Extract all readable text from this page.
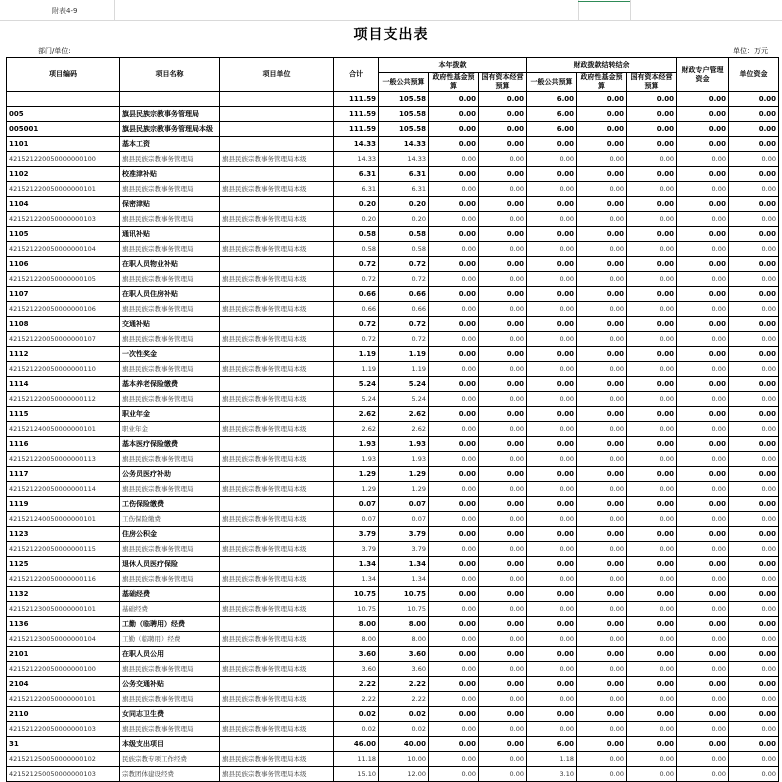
附表4-9
项目支出表
部门/单位:	单位：万元
项目编码	项目名称	项目单位	合计	本年拨款			财政拨款结转结余			财政专户管理资金	单位资金
				一般公共预算	政府性基金预算	国有资本经营预算	一般公共预算	政府性基金预算	国有资本经营预算		
			111.59	105.58	0.00	0.00	6.00	0.00	0.00	0.00	0.00
005	旗县民族宗教事务管理局		111.59	105.58	0.00	0.00	6.00	0.00	0.00	0.00	0.00
005001	旗县民族宗教事务管理局本级		111.59	105.58	0.00	0.00	6.00	0.00	0.00	0.00	0.00
1101	基本工资		14.33	14.33	0.00	0.00	0.00	0.00	0.00	0.00	0.00
421521220050000000100	旗县民族宗教事务管理局	旗县民族宗教事务管理局本级	14.33	14.33	0.00	0.00	0.00	0.00	0.00	0.00	0.00
1102	校准津补贴		6.31	6.31	0.00	0.00	0.00	0.00	0.00	0.00	0.00
421521220050000000101	旗县民族宗教事务管理局	旗县民族宗教事务管理局本级	6.31	6.31	0.00	0.00	0.00	0.00	0.00	0.00	0.00
1104	保密津贴		0.20	0.20	0.00	0.00	0.00	0.00	0.00	0.00	0.00
421521220050000000103	旗县民族宗教事务管理局	旗县民族宗教事务管理局本级	0.20	0.20	0.00	0.00	0.00	0.00	0.00	0.00	0.00
1105	通讯补贴		0.58	0.58	0.00	0.00	0.00	0.00	0.00	0.00	0.00
421521220050000000104	旗县民族宗教事务管理局	旗县民族宗教事务管理局本级	0.58	0.58	0.00	0.00	0.00	0.00	0.00	0.00	0.00
1106	在职人员物业补贴		0.72	0.72	0.00	0.00	0.00	0.00	0.00	0.00	0.00
421521220050000000105	旗县民族宗教事务管理局	旗县民族宗教事务管理局本级	0.72	0.72	0.00	0.00	0.00	0.00	0.00	0.00	0.00
1107	在职人员住房补贴		0.66	0.66	0.00	0.00	0.00	0.00	0.00	0.00	0.00
421521220050000000106	旗县民族宗教事务管理局	旗县民族宗教事务管理局本级	0.66	0.66	0.00	0.00	0.00	0.00	0.00	0.00	0.00
1108	交通补贴		0.72	0.72	0.00	0.00	0.00	0.00	0.00	0.00	0.00
421521220050000000107	旗县民族宗教事务管理局	旗县民族宗教事务管理局本级	0.72	0.72	0.00	0.00	0.00	0.00	0.00	0.00	0.00
1112	一次性奖金		1.19	1.19	0.00	0.00	0.00	0.00	0.00	0.00	0.00
421521220050000000110	旗县民族宗教事务管理局	旗县民族宗教事务管理局本级	1.19	1.19	0.00	0.00	0.00	0.00	0.00	0.00	0.00
1114	基本养老保险缴费		5.24	5.24	0.00	0.00	0.00	0.00	0.00	0.00	0.00
421521220050000000112	旗县民族宗教事务管理局	旗县民族宗教事务管理局本级	5.24	5.24	0.00	0.00	0.00	0.00	0.00	0.00	0.00
1115	职业年金		2.62	2.62	0.00	0.00	0.00	0.00	0.00	0.00	0.00
421521240050000000101	职业年金	旗县民族宗教事务管理局本级	2.62	2.62	0.00	0.00	0.00	0.00	0.00	0.00	0.00
1116	基本医疗保险缴费		1.93	1.93	0.00	0.00	0.00	0.00	0.00	0.00	0.00
421521220050000000113	旗县民族宗教事务管理局	旗县民族宗教事务管理局本级	1.93	1.93	0.00	0.00	0.00	0.00	0.00	0.00	0.00
1117	公务员医疗补助		1.29	1.29	0.00	0.00	0.00	0.00	0.00	0.00	0.00
421521220050000000114	旗县民族宗教事务管理局	旗县民族宗教事务管理局本级	1.29	1.29	0.00	0.00	0.00	0.00	0.00	0.00	0.00
1119	工伤保险缴费		0.07	0.07	0.00	0.00	0.00	0.00	0.00	0.00	0.00
421521240050000000101	工伤保险缴费	旗县民族宗教事务管理局本级	0.07	0.07	0.00	0.00	0.00	0.00	0.00	0.00	0.00
1123	住房公积金		3.79	3.79	0.00	0.00	0.00	0.00	0.00	0.00	0.00
421521220050000000115	旗县民族宗教事务管理局	旗县民族宗教事务管理局本级	3.79	3.79	0.00	0.00	0.00	0.00	0.00	0.00	0.00
1125	退休人员医疗保险		1.34	1.34	0.00	0.00	0.00	0.00	0.00	0.00	0.00
421521220050000000116	旗县民族宗教事务管理局	旗县民族宗教事务管理局本级	1.34	1.34	0.00	0.00	0.00	0.00	0.00	0.00	0.00
1132	基础经费		10.75	10.75	0.00	0.00	0.00	0.00	0.00	0.00	0.00
421521230050000000101	基础经费	旗县民族宗教事务管理局本级	10.75	10.75	0.00	0.00	0.00	0.00	0.00	0.00	0.00
1136	工勤（临聘用）经费		8.00	8.00	0.00	0.00	0.00	0.00	0.00	0.00	0.00
421521230050000000104	工勤（临聘用）经费	旗县民族宗教事务管理局本级	8.00	8.00	0.00	0.00	0.00	0.00	0.00	0.00	0.00
2101	在职人员公用		3.60	3.60	0.00	0.00	0.00	0.00	0.00	0.00	0.00
421521220050000000100	旗县民族宗教事务管理局	旗县民族宗教事务管理局本级	3.60	3.60	0.00	0.00	0.00	0.00	0.00	0.00	0.00
2104	公务交通补贴		2.22	2.22	0.00	0.00	0.00	0.00	0.00	0.00	0.00
421521220050000000101	旗县民族宗教事务管理局	旗县民族宗教事务管理局本级	2.22	2.22	0.00	0.00	0.00	0.00	0.00	0.00	0.00
2110	女同志卫生费		0.02	0.02	0.00	0.00	0.00	0.00	0.00	0.00	0.00
421521220050000000103	旗县民族宗教事务管理局	旗县民族宗教事务管理局本级	0.02	0.02	0.00	0.00	0.00	0.00	0.00	0.00	0.00
31	本级支出项目		46.00	40.00	0.00	0.00	6.00	0.00	0.00	0.00	0.00
421521250050000000102	民族宗教专项工作经费	旗县民族宗教事务管理局本级	11.18	10.00	0.00	0.00	1.18	0.00	0.00	0.00	0.00
421521250050000000103	宗教团体建设经费	旗县民族宗教事务管理局本级	15.10	12.00	0.00	0.00	3.10	0.00	0.00	0.00	0.00
